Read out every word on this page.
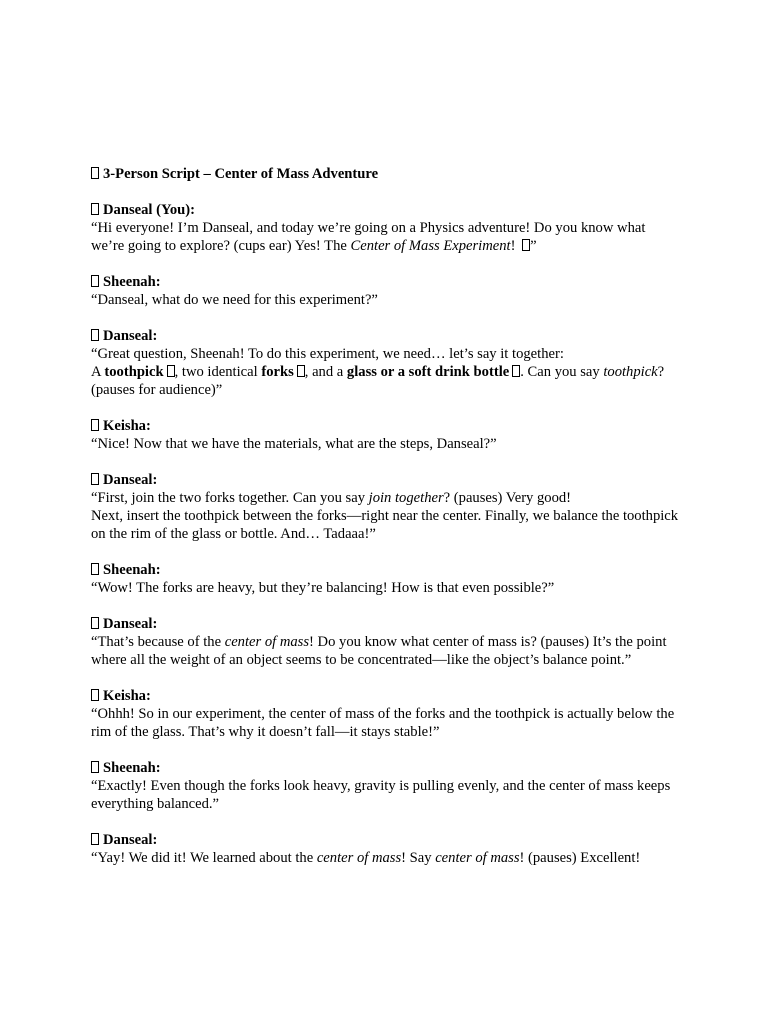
3-Person Script – Center of Mass Adventure

Danseal (You):

“Hi everyone! I’m Danseal, and today we’re going on a Physics adventure! Do you know what we’re going to explore? (cups ear) Yes! The Center of Mass Experiment! ”

Sheenah:

“Danseal, what do we need for this experiment?”

Danseal:

“Great question, Sheenah! To do this experiment, we need… let’s say it together:

A toothpick , two identical forks , and a glass or a soft drink bottle . Can you say toothpick? (pauses for audience)”

Keisha:

“Nice! Now that we have the materials, what are the steps, Danseal?”

Danseal:

“First, join the two forks together. Can you say join together? (pauses) Very good!

Next, insert the toothpick between the forks—right near the center. Finally, we balance the toothpick on the rim of the glass or bottle. And… Tadaaa!”

Sheenah:

“Wow! The forks are heavy, but they’re balancing! How is that even possible?”

Danseal:

“That’s because of the center of mass! Do you know what center of mass is? (pauses) It’s the point where all the weight of an object seems to be concentrated—like the object’s balance point.”

Keisha:

“Ohhh! So in our experiment, the center of mass of the forks and the toothpick is actually below the rim of the glass. That’s why it doesn’t fall—it stays stable!”

Sheenah:

“Exactly! Even though the forks look heavy, gravity is pulling evenly, and the center of mass keeps everything balanced.”

Danseal:

“Yay! We did it! We learned about the center of mass! Say center of mass! (pauses) Excellent!
